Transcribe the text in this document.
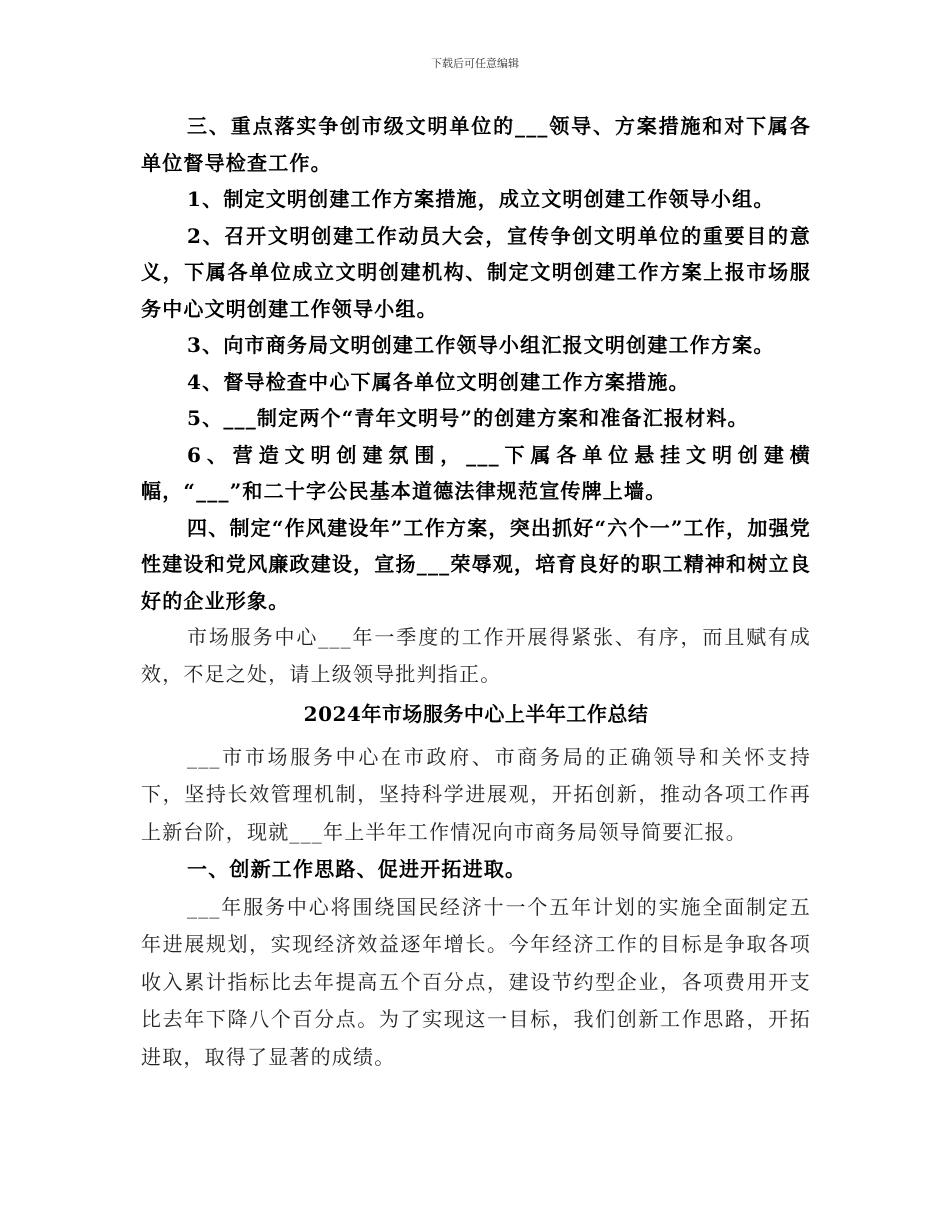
下载后可任意编辑

三、重点落实争创市级文明单位的___领导、方案措施和对下属各单位督导检查工作。

1、制定文明创建工作方案措施，成立文明创建工作领导小组。

2、召开文明创建工作动员大会，宣传争创文明单位的重要目的意义，下属各单位成立文明创建机构、制定文明创建工作方案上报市场服务中心文明创建工作领导小组。

3、向市商务局文明创建工作领导小组汇报文明创建工作方案。

4、督导检查中心下属各单位文明创建工作方案措施。

5、___制定两个“青年文明号”的创建方案和准备汇报材料。

6、营造文明创建氛围，___下属各单位悬挂文明创建横幅，“___”和二十字公民基本道德法律规范宣传牌上墙。

四、制定“作风建设年”工作方案，突出抓好“六个一”工作，加强党性建设和党风廉政建设，宣扬___荣辱观，培育良好的职工精神和树立良好的企业形象。

市场服务中心___年一季度的工作开展得紧张、有序，而且赋有成效，不足之处，请上级领导批判指正。

2024年市场服务中心上半年工作总结

___市市场服务中心在市政府、市商务局的正确领导和关怀支持下，坚持长效管理机制，坚持科学进展观，开拓创新，推动各项工作再上新台阶，现就___年上半年工作情况向市商务局领导简要汇报。

一、创新工作思路、促进开拓进取。

___年服务中心将围绕国民经济十一个五年计划的实施全面制定五年进展规划，实现经济效益逐年增长。今年经济工作的目标是争取各项收入累计指标比去年提高五个百分点，建设节约型企业，各项费用开支比去年下降八个百分点。为了实现这一目标，我们创新工作思路，开拓进取，取得了显著的成绩。
